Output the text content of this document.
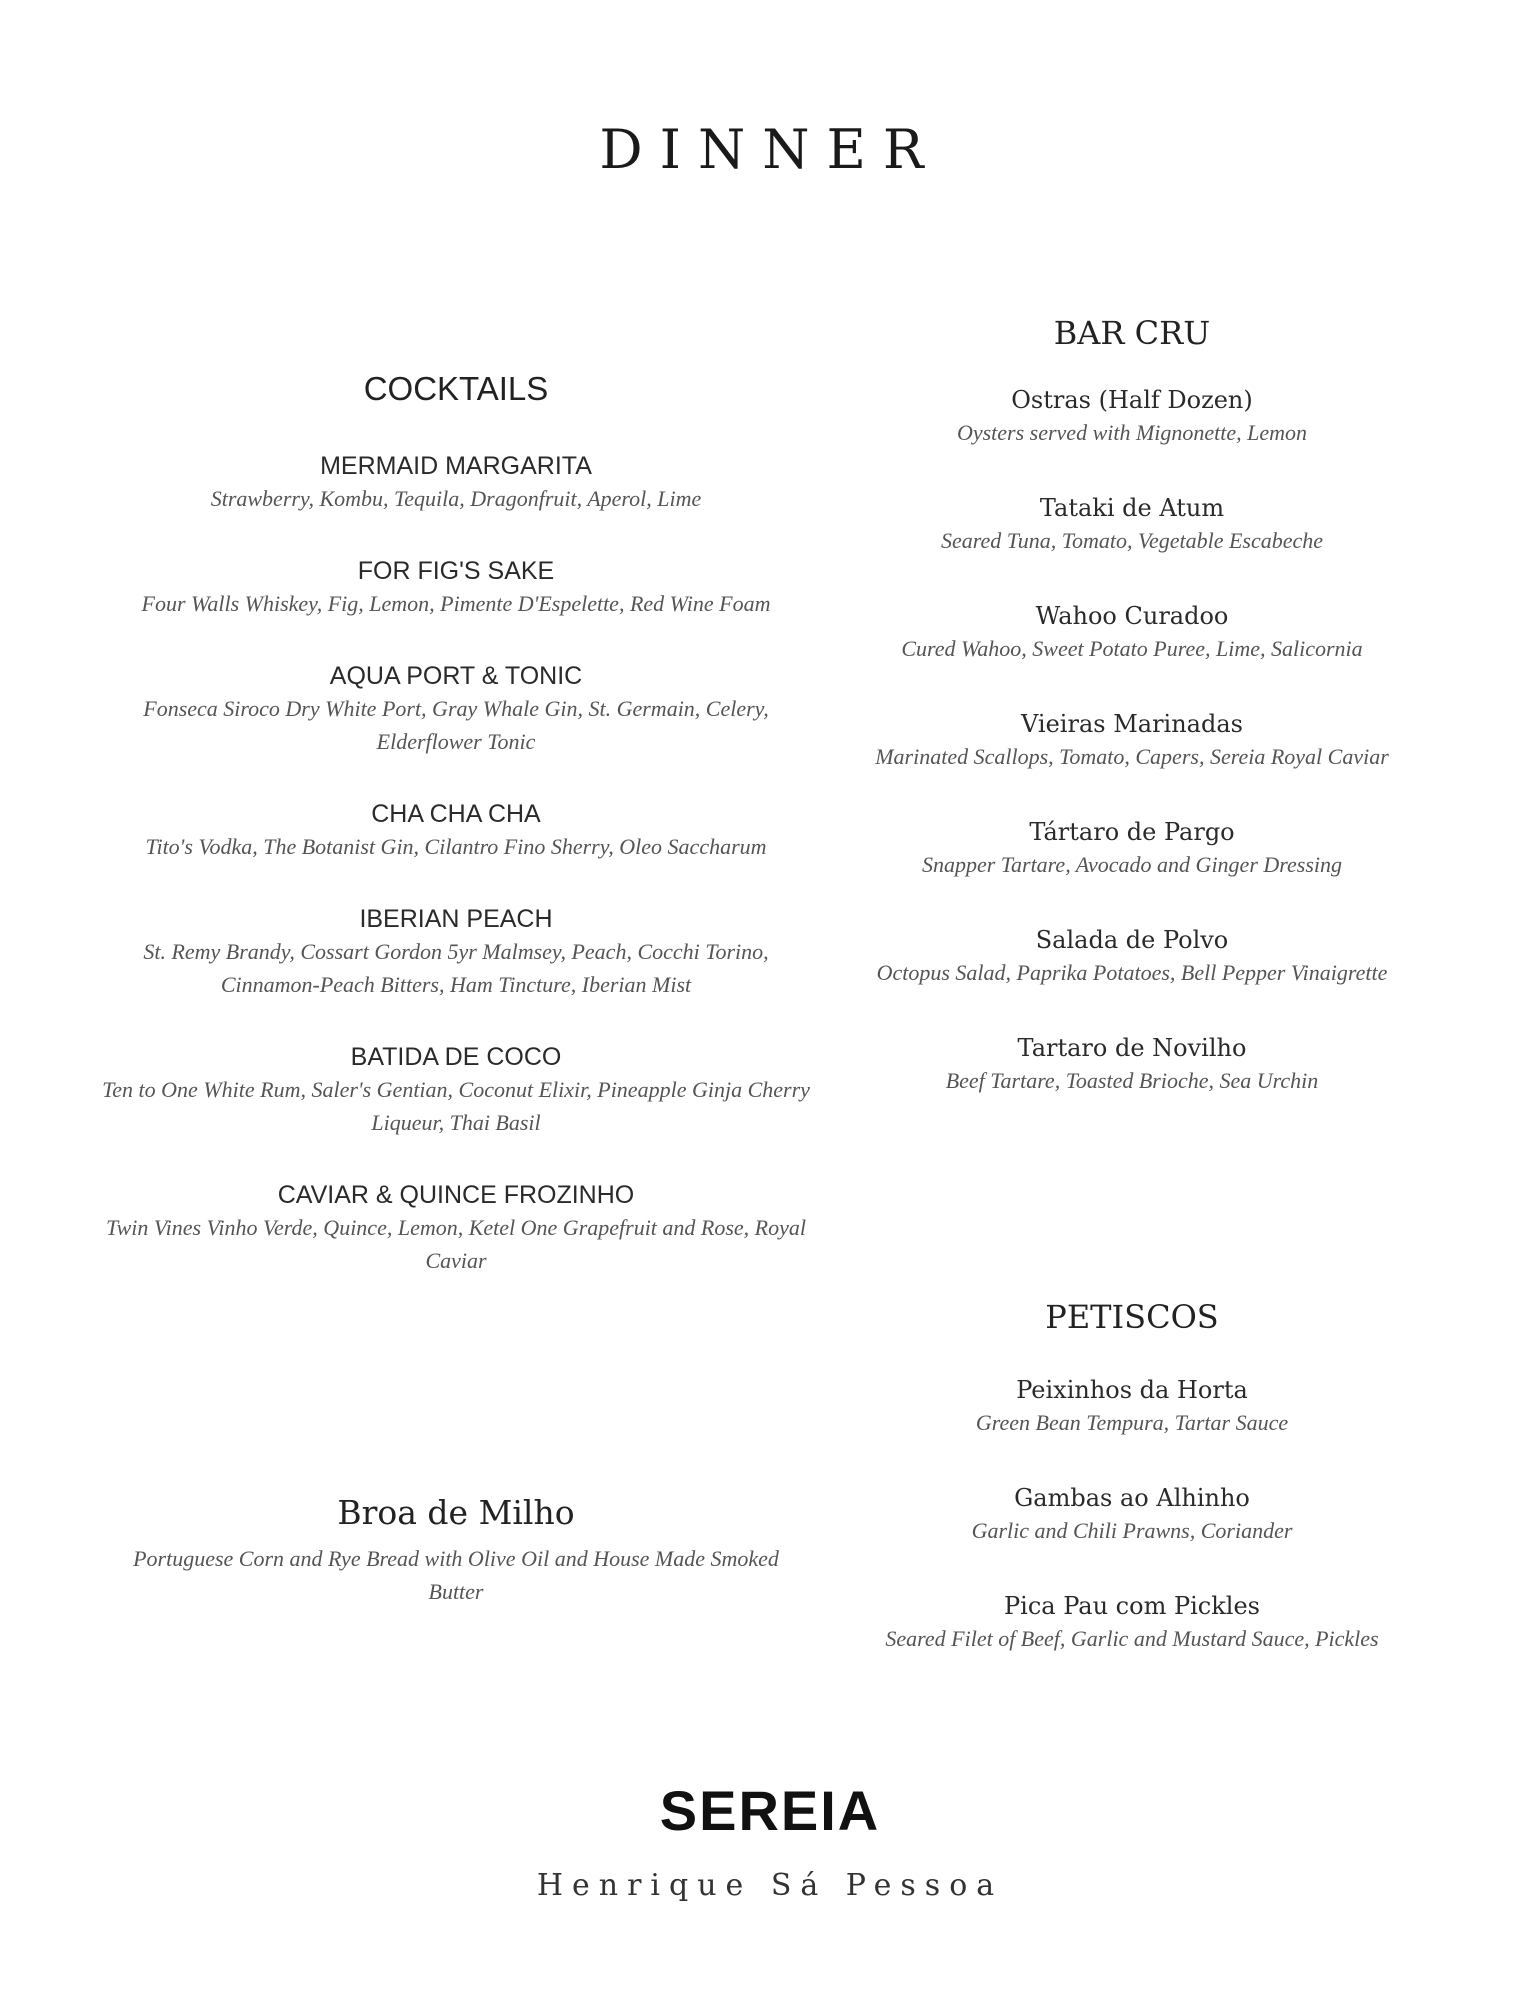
DINNER
COCKTAILS
MERMAID MARGARITA
Strawberry, Kombu, Tequila, Dragonfruit, Aperol, Lime
FOR FIG'S SAKE
Four Walls Whiskey, Fig, Lemon, Pimente D'Espelette, Red Wine Foam
AQUA PORT & TONIC
Fonseca Siroco Dry White Port, Gray Whale Gin, St. Germain, Celery, Elderflower Tonic
CHA CHA CHA
Tito's Vodka, The Botanist Gin, Cilantro Fino Sherry, Oleo Saccharum
IBERIAN PEACH
St. Remy Brandy, Cossart Gordon 5yr Malmsey, Peach, Cocchi Torino, Cinnamon-Peach Bitters, Ham Tincture, Iberian Mist
BATIDA DE COCO
Ten to One White Rum, Saler's Gentian, Coconut Elixir, Pineapple Ginja Cherry Liqueur, Thai Basil
CAVIAR & QUINCE FROZINHO
Twin Vines Vinho Verde, Quince, Lemon, Ketel One Grapefruit and Rose, Royal Caviar
BAR CRU
Ostras (Half Dozen)
Oysters served with Mignonette, Lemon
Tataki de Atum
Seared Tuna, Tomato, Vegetable Escabeche
Wahoo Curadoo
Cured Wahoo, Sweet Potato Puree, Lime, Salicornia
Vieiras Marinadas
Marinated Scallops, Tomato, Capers, Sereia Royal Caviar
Tártaro de Pargo
Snapper Tartare, Avocado and Ginger Dressing
Salada de Polvo
Octopus Salad, Paprika Potatoes, Bell Pepper Vinaigrette
Tartaro de Novilho
Beef Tartare, Toasted Brioche, Sea Urchin
PETISCOS
Peixinhos da Horta
Green Bean Tempura, Tartar Sauce
Gambas ao Alhinho
Garlic and Chili Prawns, Coriander
Pica Pau com Pickles
Seared Filet of Beef, Garlic and Mustard Sauce, Pickles
Broa de Milho
Portuguese Corn and Rye Bread with Olive Oil and House Made Smoked Butter
SEREIA
Henrique Sá Pessoa
